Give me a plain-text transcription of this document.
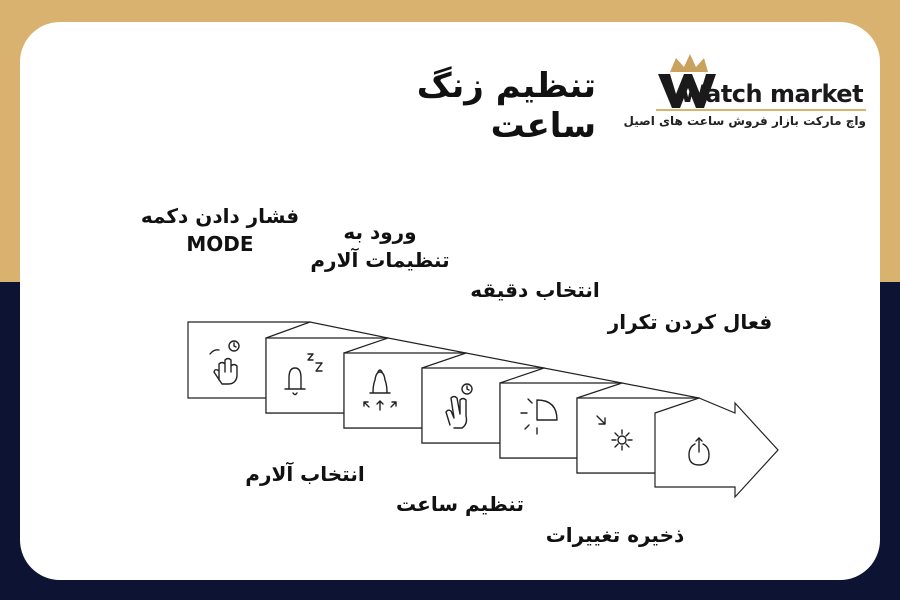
تنظیم زنگ ساعت
Watch market
واچ مارکت بازار فروش ساعت های اصیل
فشار دادن دکمه
MODE	ورود به
تنظیمات آلارم
انتخاب دقیقه
فعال کردن تکرار
انتخاب آلارم
تنظیم ساعت
ذخیره تغییرات
